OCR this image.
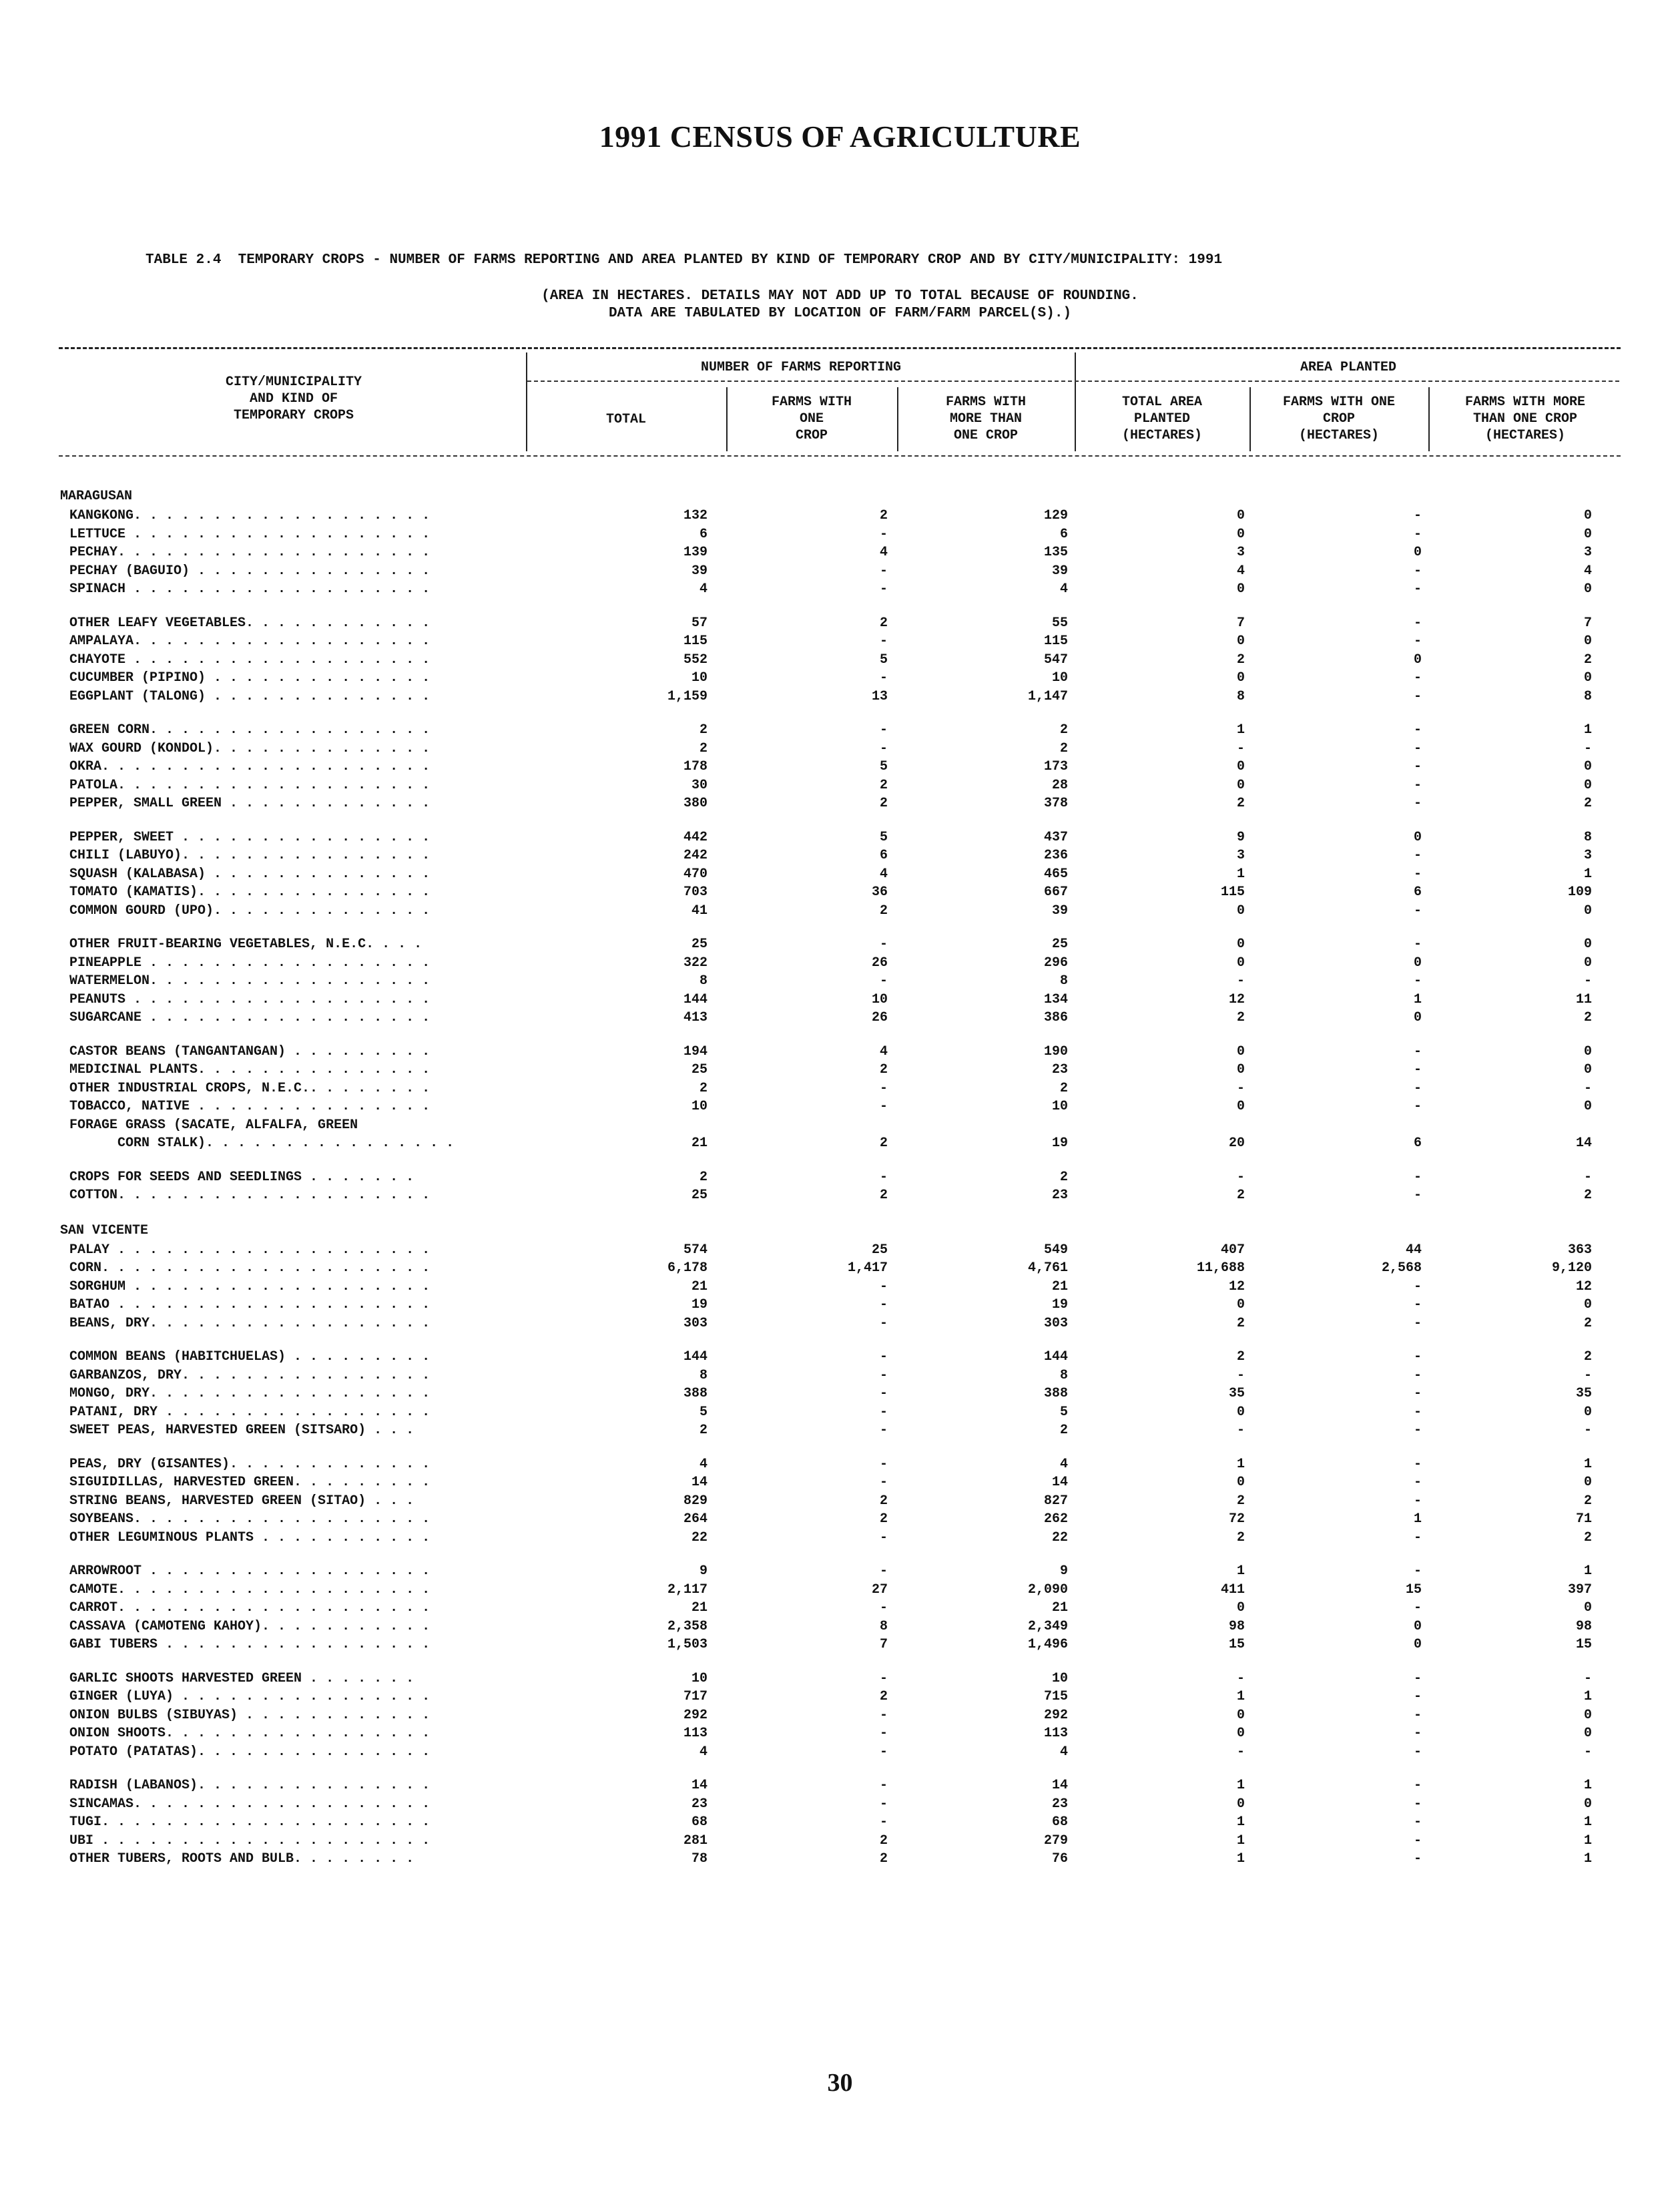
1991 CENSUS OF AGRICULTURE
TABLE 2.4  TEMPORARY CROPS - NUMBER OF FARMS REPORTING AND AREA PLANTED BY KIND OF TEMPORARY CROP AND BY CITY/MUNICIPALITY: 1991
(AREA IN HECTARES. DETAILS MAY NOT ADD UP TO TOTAL BECAUSE OF ROUNDING.
DATA ARE TABULATED BY LOCATION OF FARM/FARM PARCEL(S).)
CITY/MUNICIPALITY
AND KIND OF
TEMPORARY CROPS
NUMBER OF FARMS REPORTING	AREA PLANTED
TOTAL
FARMS WITH
ONE
CROP
FARMS WITH
MORE THAN
ONE CROP
TOTAL AREA
PLANTED
(HECTARES)
FARMS WITH ONE
CROP
(HECTARES)
FARMS WITH MORE
THAN ONE CROP
(HECTARES)
MARAGUSAN
KANGKONG. . . . . . . . . . . . . . . . . . .	132	2	129	0	-	0
LETTUCE . . . . . . . . . . . . . . . . . . .	6	-	6	0	-	0
PECHAY. . . . . . . . . . . . . . . . . . . .	139	4	135	3	0	3
PECHAY (BAGUIO) . . . . . . . . . . . . . . .	39	-	39	4	-	4
SPINACH . . . . . . . . . . . . . . . . . . .	4	-	4	0	-	0
OTHER LEAFY VEGETABLES. . . . . . . . . . . .	57	2	55	7	-	7
AMPALAYA. . . . . . . . . . . . . . . . . . .	115	-	115	0	-	0
CHAYOTE . . . . . . . . . . . . . . . . . . .	552	5	547	2	0	2
CUCUMBER (PIPINO) . . . . . . . . . . . . . .	10	-	10	0	-	0
EGGPLANT (TALONG) . . . . . . . . . . . . . .	1,159	13	1,147	8	-	8
GREEN CORN. . . . . . . . . . . . . . . . . .	2	-	2	1	-	1
WAX GOURD (KONDOL). . . . . . . . . . . . . .	2	-	2	-	-	-
OKRA. . . . . . . . . . . . . . . . . . . . .	178	5	173	0	-	0
PATOLA. . . . . . . . . . . . . . . . . . . .	30	2	28	0	-	0
PEPPER, SMALL GREEN . . . . . . . . . . . . .	380	2	378	2	-	2
PEPPER, SWEET . . . . . . . . . . . . . . . .	442	5	437	9	0	8
CHILI (LABUYO). . . . . . . . . . . . . . . .	242	6	236	3	-	3
SQUASH (KALABASA) . . . . . . . . . . . . . .	470	4	465	1	-	1
TOMATO (KAMATIS). . . . . . . . . . . . . . .	703	36	667	115	6	109
COMMON GOURD (UPO). . . . . . . . . . . . . .	41	2	39	0	-	0
OTHER FRUIT-BEARING VEGETABLES, N.E.C. . . .	25	-	25	0	-	0
PINEAPPLE . . . . . . . . . . . . . . . . . .	322	26	296	0	0	0
WATERMELON. . . . . . . . . . . . . . . . . .	8	-	8	-	-	-
PEANUTS . . . . . . . . . . . . . . . . . . .	144	10	134	12	1	11
SUGARCANE . . . . . . . . . . . . . . . . . .	413	26	386	2	0	2
CASTOR BEANS (TANGANTANGAN) . . . . . . . . .	194	4	190	0	-	0
MEDICINAL PLANTS. . . . . . . . . . . . . . .	25	2	23	0	-	0
OTHER INDUSTRIAL CROPS, N.E.C.. . . . . . . .	2	-	2	-	-	-
TOBACCO, NATIVE . . . . . . . . . . . . . . .	10	-	10	0	-	0
FORAGE GRASS (SACATE, ALFALFA, GREEN
CORN STALK). . . . . . . . . . . . . . . .	21	2	19	20	6	14
CROPS FOR SEEDS AND SEEDLINGS . . . . . . .	2	-	2	-	-	-
COTTON. . . . . . . . . . . . . . . . . . . .	25	2	23	2	-	2
SAN VICENTE
PALAY . . . . . . . . . . . . . . . . . . . .	574	25	549	407	44	363
CORN. . . . . . . . . . . . . . . . . . . . .	6,178	1,417	4,761	11,688	2,568	9,120
SORGHUM . . . . . . . . . . . . . . . . . . .	21	-	21	12	-	12
BATAO . . . . . . . . . . . . . . . . . . . .	19	-	19	0	-	0
BEANS, DRY. . . . . . . . . . . . . . . . . .	303	-	303	2	-	2
COMMON BEANS (HABITCHUELAS) . . . . . . . . .	144	-	144	2	-	2
GARBANZOS, DRY. . . . . . . . . . . . . . . .	8	-	8	-	-	-
MONGO, DRY. . . . . . . . . . . . . . . . . .	388	-	388	35	-	35
PATANI, DRY . . . . . . . . . . . . . . . . .	5	-	5	0	-	0
SWEET PEAS, HARVESTED GREEN (SITSARO) . . .	2	-	2	-	-	-
PEAS, DRY (GISANTES). . . . . . . . . . . . .	4	-	4	1	-	1
SIGUIDILLAS, HARVESTED GREEN. . . . . . . . .	14	-	14	0	-	0
STRING BEANS, HARVESTED GREEN (SITAO) . . .	829	2	827	2	-	2
SOYBEANS. . . . . . . . . . . . . . . . . . .	264	2	262	72	1	71
OTHER LEGUMINOUS PLANTS . . . . . . . . . . .	22	-	22	2	-	2
ARROWROOT . . . . . . . . . . . . . . . . . .	9	-	9	1	-	1
CAMOTE. . . . . . . . . . . . . . . . . . . .	2,117	27	2,090	411	15	397
CARROT. . . . . . . . . . . . . . . . . . . .	21	-	21	0	-	0
CASSAVA (CAMOTENG KAHOY). . . . . . . . . . .	2,358	8	2,349	98	0	98
GABI TUBERS . . . . . . . . . . . . . . . . .	1,503	7	1,496	15	0	15
GARLIC SHOOTS HARVESTED GREEN . . . . . . .	10	-	10	-	-	-
GINGER (LUYA) . . . . . . . . . . . . . . . .	717	2	715	1	-	1
ONION BULBS (SIBUYAS) . . . . . . . . . . . .	292	-	292	0	-	0
ONION SHOOTS. . . . . . . . . . . . . . . . .	113	-	113	0	-	0
POTATO (PATATAS). . . . . . . . . . . . . . .	4	-	4	-	-	-
RADISH (LABANOS). . . . . . . . . . . . . . .	14	-	14	1	-	1
SINCAMAS. . . . . . . . . . . . . . . . . . .	23	-	23	0	-	0
TUGI. . . . . . . . . . . . . . . . . . . . .	68	-	68	1	-	1
UBI . . . . . . . . . . . . . . . . . . . . .	281	2	279	1	-	1
OTHER TUBERS, ROOTS AND BULB. . . . . . . .	78	2	76	1	-	1
30
